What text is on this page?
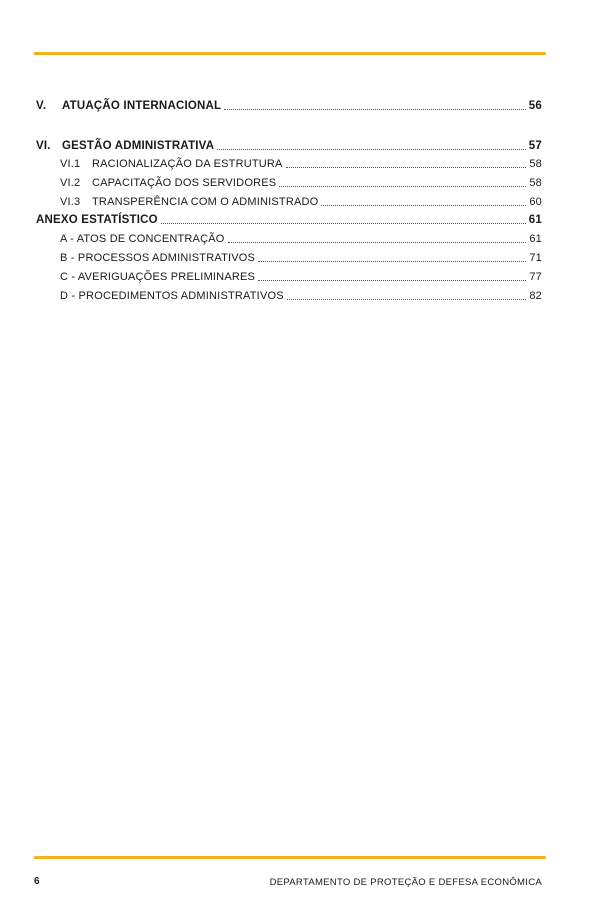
V.	ATUAÇÃO INTERNACIONAL	56
VI. GESTÃO ADMINISTRATIVA	57
VI.1	RACIONALIZAÇÃO DA ESTRUTURA	58
VI.2	CAPACITAÇÃO DOS SERVIDORES	58
VI.3	TRANSPERÊNCIA COM O ADMINISTRADO	60
ANEXO ESTATÍSTICO	61
A - ATOS DE CONCENTRAÇÃO	61
B - PROCESSOS ADMINISTRATIVOS	71
C - AVERIGUAÇÕES PRELIMINARES	77
D - PROCEDIMENTOS ADMINISTRATIVOS	82
6	DEPARTAMENTO DE PROTEÇÃO E DEFESA ECONÔMICA
